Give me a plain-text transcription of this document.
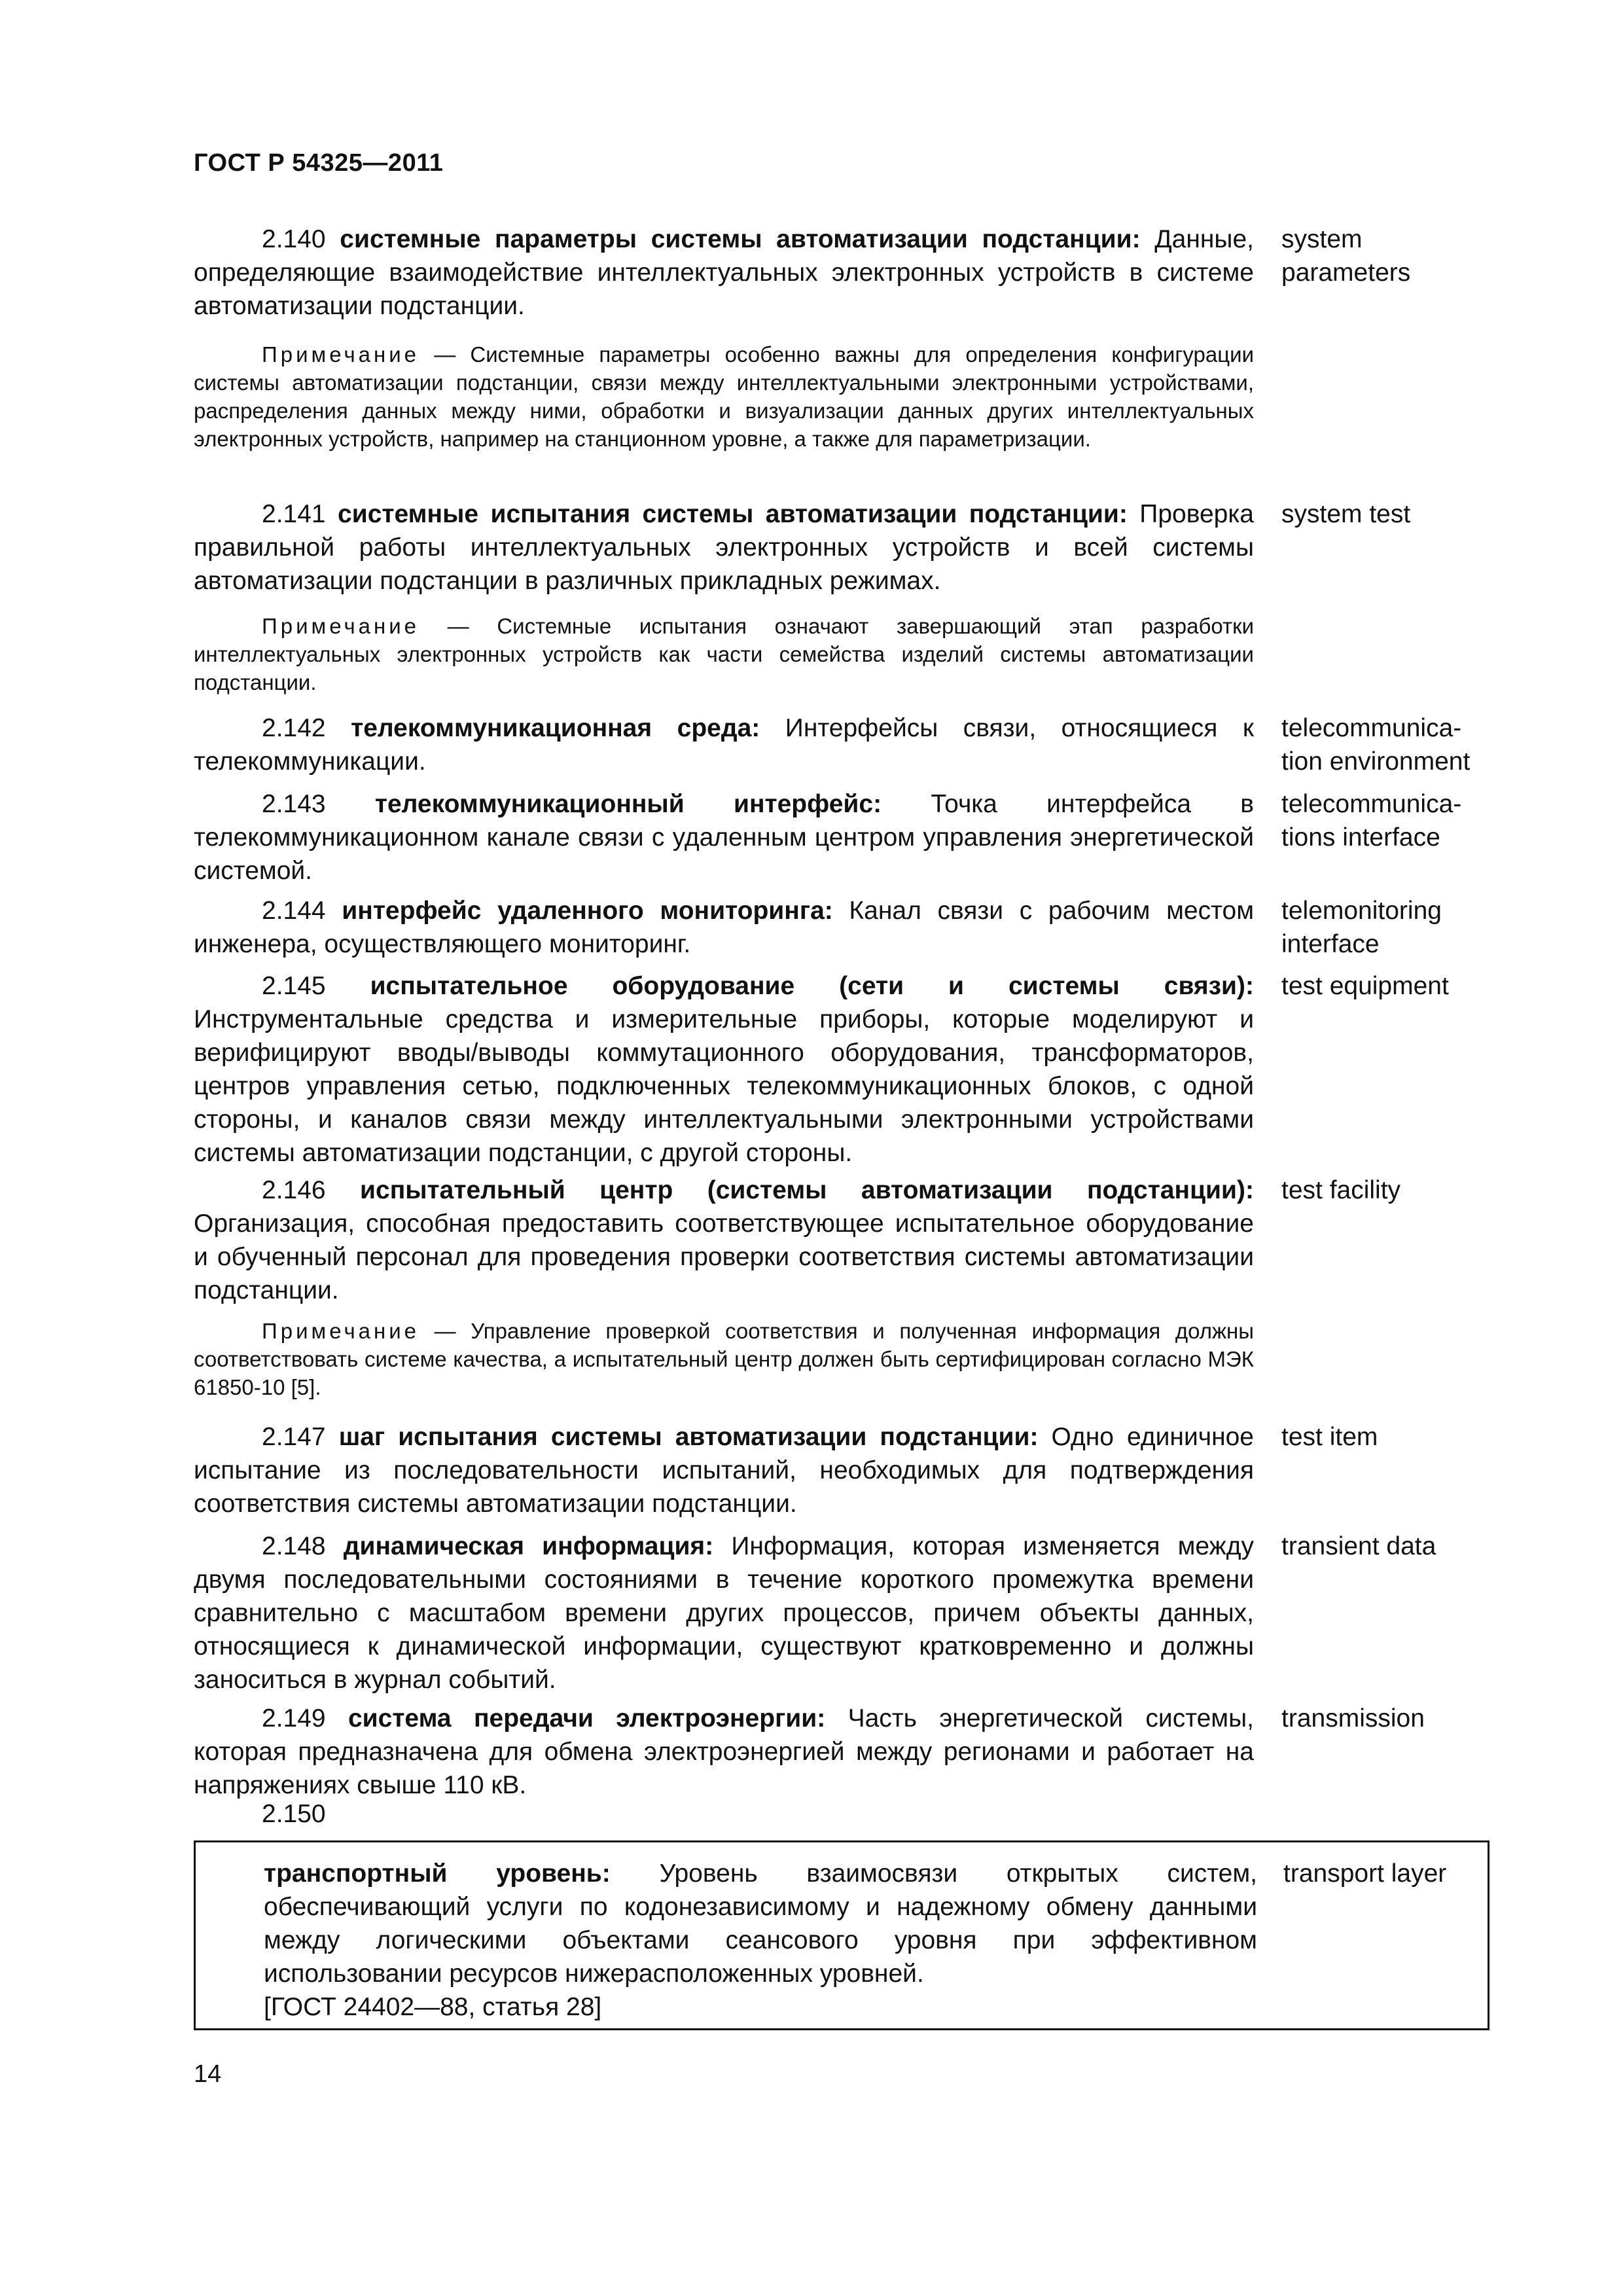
ГОСТ Р 54325—2011

2.140 системные параметры системы автоматизации подстанции: Данные, определяющие взаимодействие интеллектуальных электронных устройств в системе автоматизации подстанции.

system parameters

Примечание — Системные параметры особенно важны для определения конфигурации системы автоматизации подстанции, связи между интеллектуальными электронными устройствами, распределения данных между ними, обработки и визуализации данных других интеллектуальных электронных устройств, например на станционном уровне, а также для параметризации.

2.141 системные испытания системы автоматизации подстанции: Проверка правильной работы интеллектуальных электронных устройств и всей системы автоматизации подстанции в различных прикладных режимах.

system test

Примечание — Системные испытания означают завершающий этап разработки интеллектуальных электронных устройств как части семейства изделий системы автоматизации подстанции.

2.142 телекоммуникационная среда: Интерфейсы связи, относящиеся к телекоммуникации.

telecommunica-tion environment

2.143 телекоммуникационный интерфейс: Точка интерфейса в телекоммуникационном канале связи с удаленным центром управления энергетической системой.

telecommunica-tions interface

2.144 интерфейс удаленного мониторинга: Канал связи с рабочим местом инженера, осуществляющего мониторинг.

telemonitoring interface

2.145 испытательное оборудование (сети и системы связи): Инструментальные средства и измерительные приборы, которые моделируют и верифицируют вводы/выводы коммутационного оборудования, трансформаторов, центров управления сетью, подключенных телекоммуникационных блоков, с одной стороны, и каналов связи между интеллектуальными электронными устройствами системы автоматизации подстанции, с другой стороны.

test equipment

2.146 испытательный центр (системы автоматизации подстанции): Организация, способная предоставить соответствующее испытательное оборудование и обученный персонал для проведения проверки соответствия системы автоматизации подстанции.

test facility

Примечание — Управление проверкой соответствия и полученная информация должны соответствовать системе качества, а испытательный центр должен быть сертифицирован согласно МЭК 61850-10 [5].

2.147 шаг испытания системы автоматизации подстанции: Одно единичное испытание из последовательности испытаний, необходимых для подтверждения соответствия системы автоматизации подстанции.

test item

2.148 динамическая информация: Информация, которая изменяется между двумя последовательными состояниями в течение короткого промежутка времени сравнительно с масштабом времени других процессов, причем объекты данных, относящиеся к динамической информации, существуют кратковременно и должны заноситься в журнал событий.

transient data

2.149 система передачи электроэнергии: Часть энергетической системы, которая предназначена для обмена электроэнергией между регионами и работает на напряжениях свыше 110 кВ.

transmission

2.150

транспортный уровень: Уровень взаимосвязи открытых систем, обеспечивающий услуги по кодонезависимому и надежному обмену данными между логическими объектами сеансового уровня при эффективном использовании ресурсов нижерасположенных уровней.

transport layer

[ГОСТ 24402—88, статья 28]
14
